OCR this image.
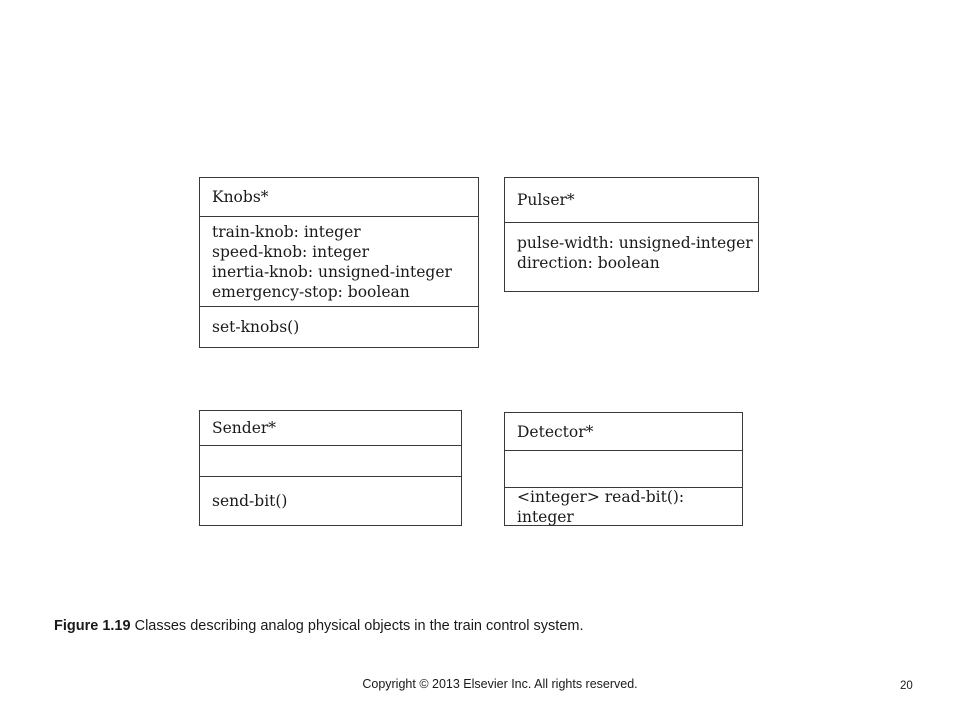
Knobs*
train-knob: integer
speed-knob: integer
inertia-knob: unsigned-integer
emergency-stop: boolean
set-knobs()
Pulser*
pulse-width: unsigned-integer
direction: boolean
Sender*
send-bit()
Detector*
<integer> read-bit(): integer
Figure 1.19 Classes describing analog physical objects in the train control system.
Copyright © 2013 Elsevier Inc. All rights reserved.	20
